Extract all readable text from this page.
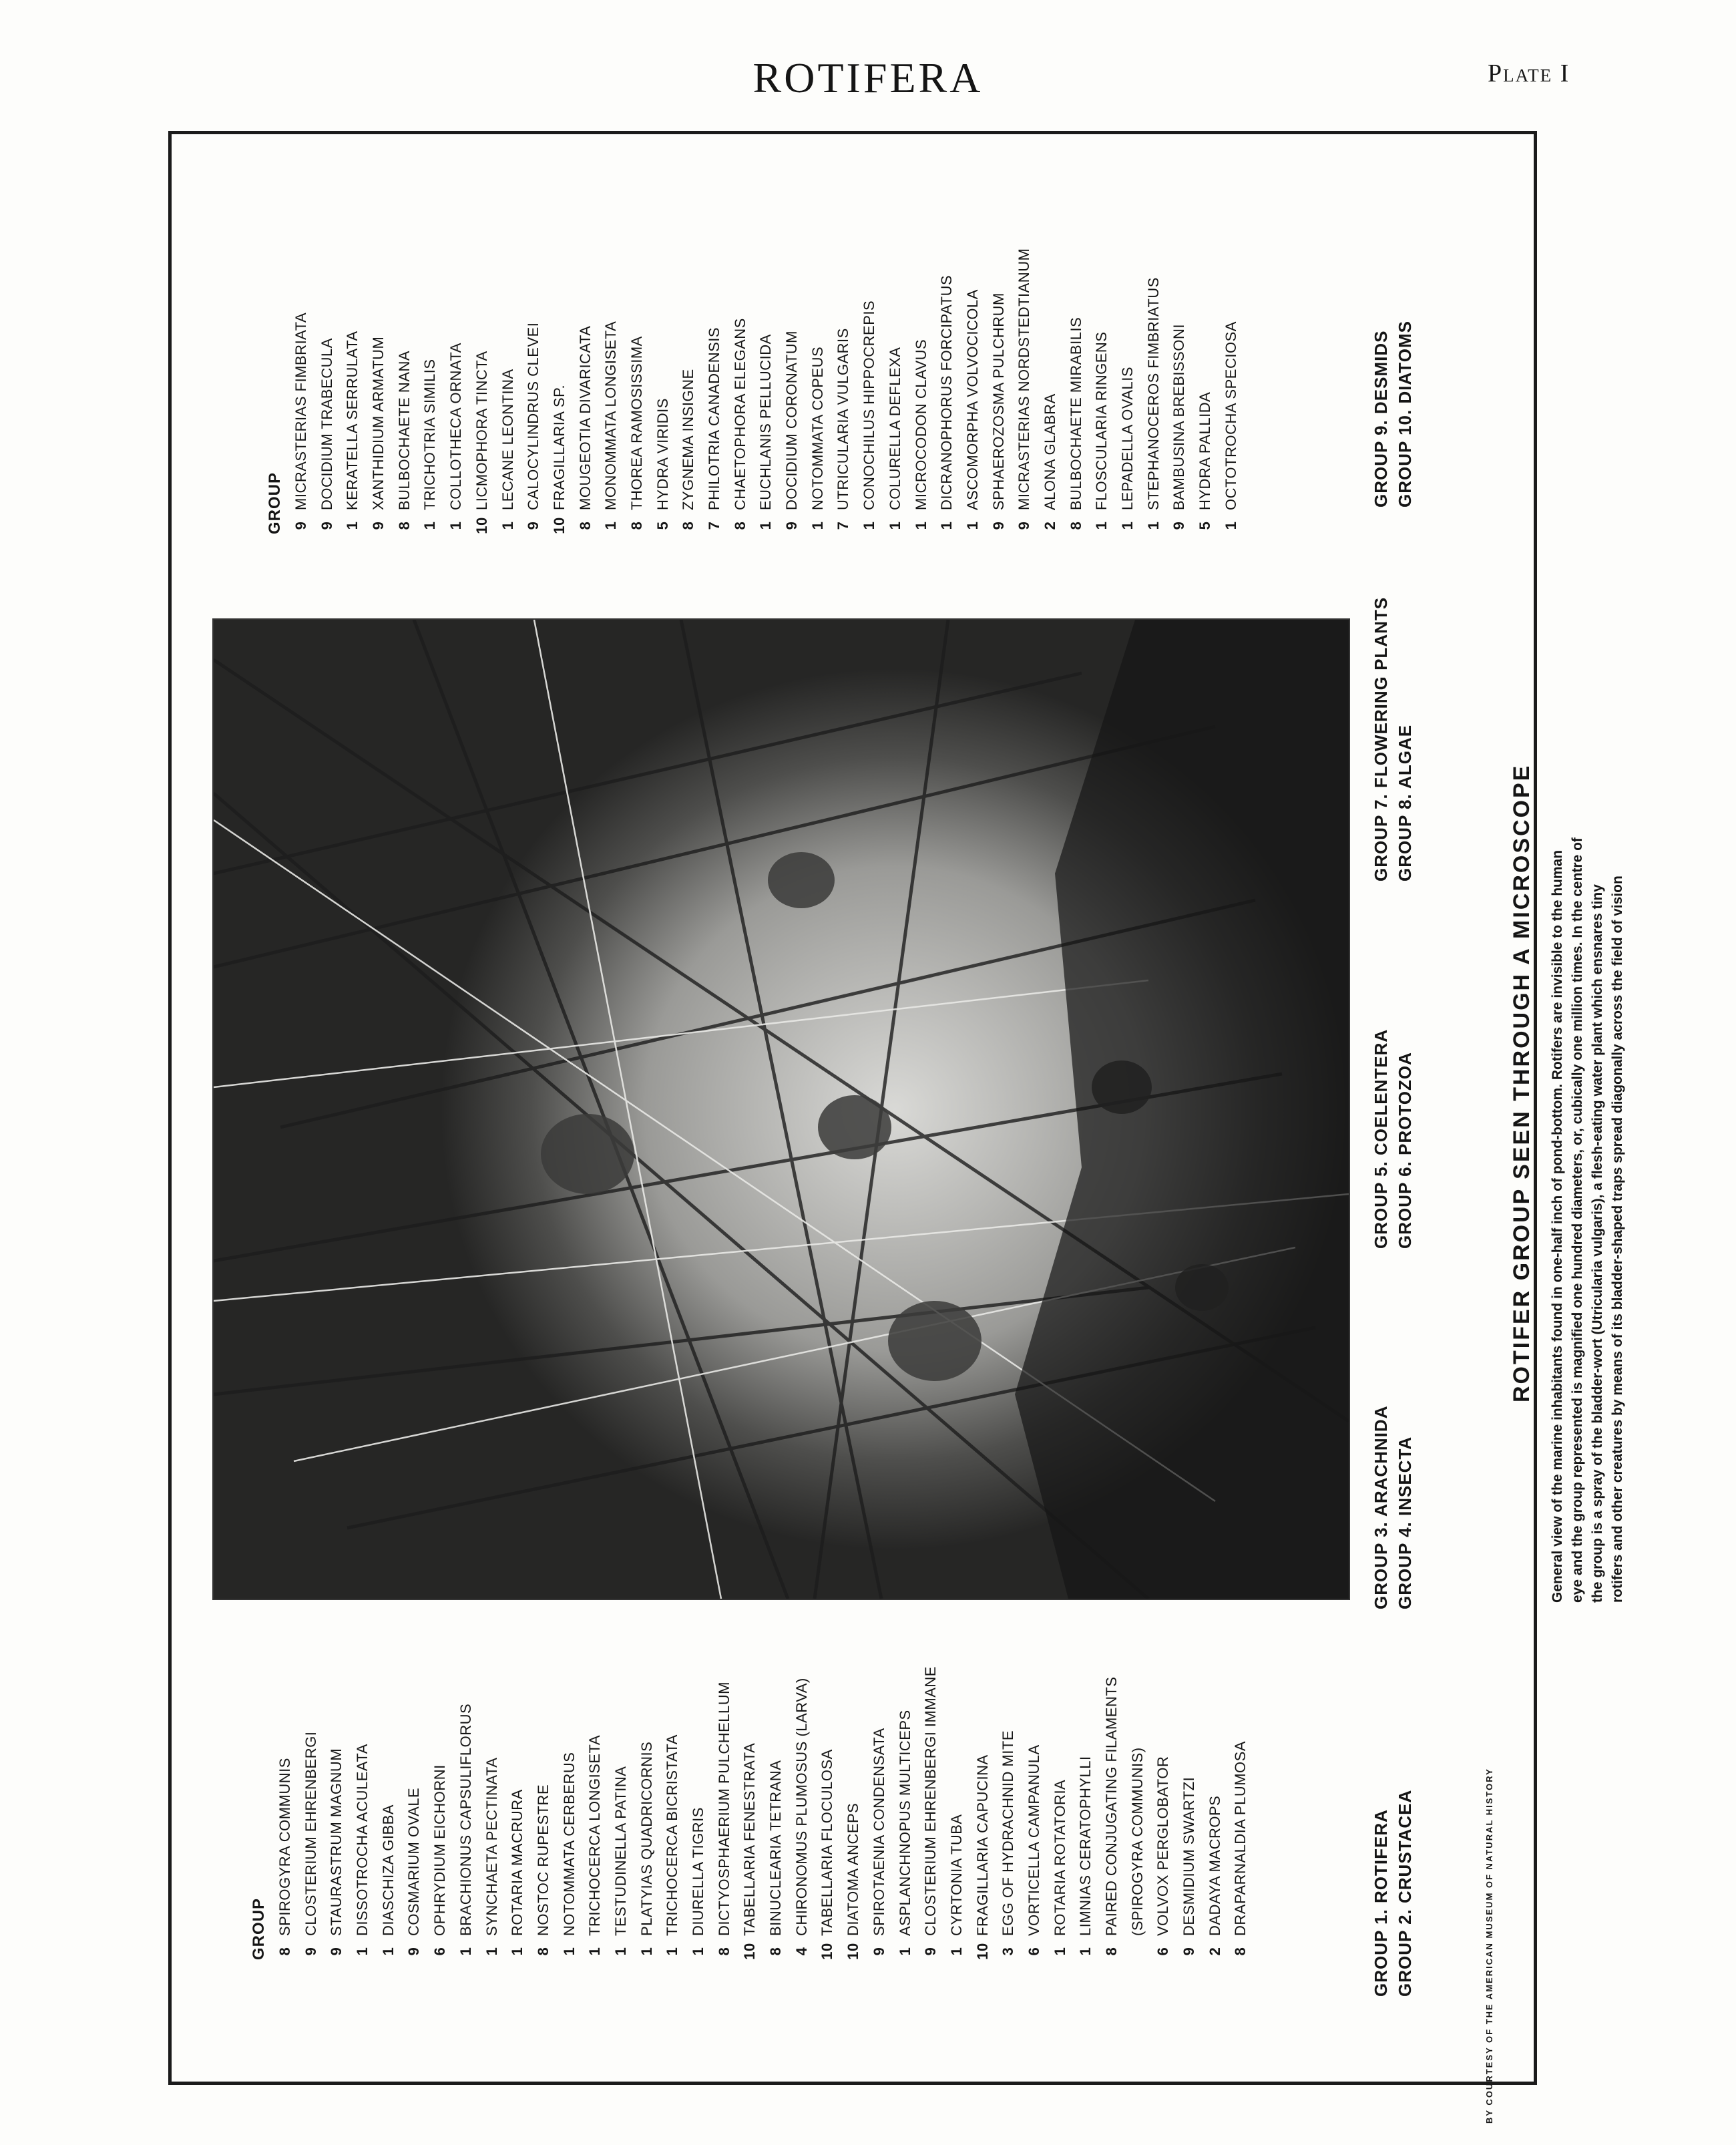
ROTIFERA	Plate I
BY COURTESY OF THE AMERICAN MUSEUM OF NATURAL HISTORY
GROUP 9MICRASTERIAS FIMBRIATA
9DOCIDIUM TRABECULA
1KERATELLA SERRULATA
9XANTHIDIUM ARMATUM
8BULBOCHAETE NANA
1TRICHOTRIA SIMILIS
1COLLOTHECA ORNATA
10LICMOPHORA TINCTA
1LECANE LEONTINA
9CALOCYLINDRUS CLEVEI
10FRAGILLARIA SP.
8MOUGEOTIA DIVARICATA
1MONOMMATA LONGISETA
8THOREA RAMOSISSIMA
5HYDRA VIRIDIS
8ZYGNEMA INSIGNE
7PHILOTRIA CANADENSIS
8CHAETOPHORA ELEGANS
1EUCHLANIS PELLUCIDA
9DOCIDIUM CORONATUM
1NOTOMMATA COPEUS
7UTRICULARIA VULGARIS
1CONOCHILUS HIPPOCREPIS
1COLURELLA DEFLEXA
1MICROCODON CLAVUS
1DICRANOPHORUS FORCIPATUS
1ASCOMORPHA VOLVOCICOLA
9SPHAEROZOSMA PULCHRUM
9MICRASTERIAS NORDSTEDTIANUM
2ALONA GLABRA
8BULBOCHAETE MIRABILIS
1FLOSCULARIA RINGENS
1LEPADELLA OVALIS
1STEPHANOCEROS FIMBRIATUS
9BAMBUSINA BREBISSONI
5HYDRA PALLIDA
1OCTOTROCHA SPECIOSA
GROUP 8SPIROGYRA COMMUNIS
9CLOSTERIUM EHRENBERGI
9STAURASTRUM MAGNUM
1DISSOTROCHA ACULEATA
1DIASCHIZA GIBBA
9COSMARIUM OVALE
6OPHRYDIUM EICHORNI
1BRACHIONUS CAPSULIFLORUS
1SYNCHAETA PECTINATA
1ROTARIA MACRURA
8NOSTOC RUPESTRE
1NOTOMMATA CERBERUS
1TRICHOCERCA LONGISETA
1TESTUDINELLA PATINA
1PLATYIAS QUADRICORNIS
1TRICHOCERCA BICRISTATA
1DIURELLA TIGRIS
8DICTYOSPHAERIUM PULCHELLUM
10TABELLARIA FENESTRATA
8BINUCLEARIA TETRANA
4CHIRONOMUS PLUMOSUS (LARVA)
10TABELLARIA FLOCULOSA
10DIATOMA ANCEPS
9SPIROTAENIA CONDENSATA
1ASPLANCHNOPUS MULTICEPS
9CLOSTERIUM EHRENBERGI IMMANE
1CYRTONIA TUBA
10FRAGILLARIA CAPUCINA
3EGG OF HYDRACHNID MITE
6VORTICELLA CAMPANULA
1ROTARIA ROTATORIA
1LIMNIAS CERATOPHYLLI
8PAIRED CONJUGATING FILAMENTS (SPIROGYRA COMMUNIS)
6VOLVOX PERGLOBATOR
9DESMIDIUM SWARTZI
2DADAYA MACROPS
8DRAPARNALDIA PLUMOSA	GROUP 1. ROTIFERA GROUP 2. CRUSTACEA
GROUP 3. ARACHNIDA GROUP 4. INSECTA
GROUP 5. COELENTERA GROUP 6. PROTOZOA
GROUP 7. FLOWERING PLANTS GROUP 8. ALGAE
GROUP 9. DESMIDS GROUP 10. DIATOMS
ROTIFER GROUP SEEN THROUGH A MICROSCOPE General view of the marine inhabitants found in one-half inch of pond-bottom. Rotifers are invisible to the human eye and the group represented is magnified one hundred diameters, or, cubically one million times. In the centre of the group is a spray of the bladder-wort (Utricularia vulgaris), a flesh-eating water plant which ensnares tiny rotifers and other creatures by means of its bladder-shaped traps spread diagonally across the field of vision
